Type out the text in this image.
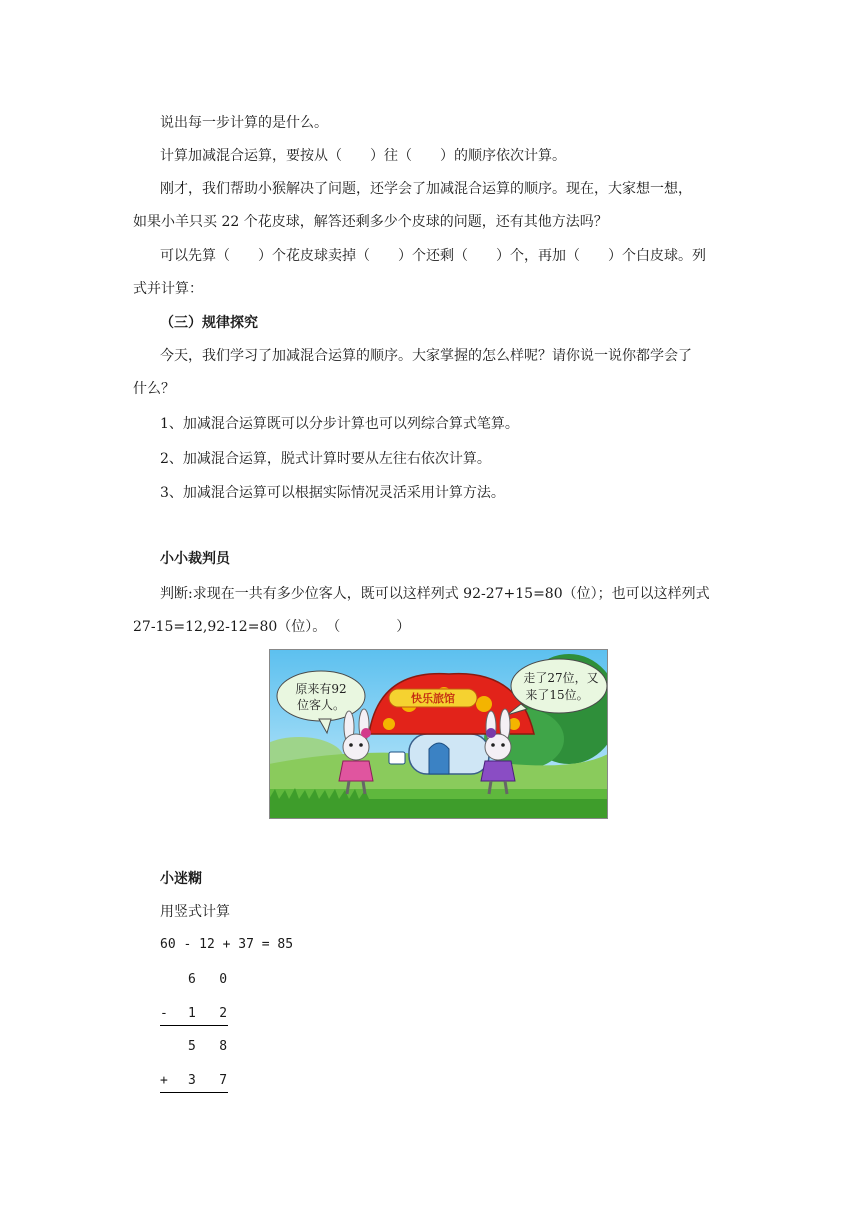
说出每一步计算的是什么。
计算加减混合运算，要按从（　　）往（　　）的顺序依次计算。
刚才，我们帮助小猴解决了问题，还学会了加减混合运算的顺序。现在，大家想一想，
如果小羊只买 22 个花皮球，解答还剩多少个皮球的问题，还有其他方法吗？
可以先算（　　）个花皮球卖掉（　　）个还剩（　　）个，再加（　　）个白皮球。列
式并计算：
（三）规律探究
今天，我们学习了加减混合运算的顺序。大家掌握的怎么样呢？请你说一说你都学会了
什么？
1、加减混合运算既可以分步计算也可以列综合算式笔算。
2、加减混合运算，脱式计算时要从左往右依次计算。
3、加减混合运算可以根据实际情况灵活采用计算方法。
小小裁判员
判断:求现在一共有多少位客人，既可以这样列式 92-27+15=80（位）；也可以这样列式
27-15=12,92-12=80（位）。　（　　　　）
快乐旅馆
原来有92
位客人。
走了27位，又
来了15位。
小迷糊
用竖式计算
60 - 12 + 37 = 85
6   0
- 1   2
5   8
+ 3   7
